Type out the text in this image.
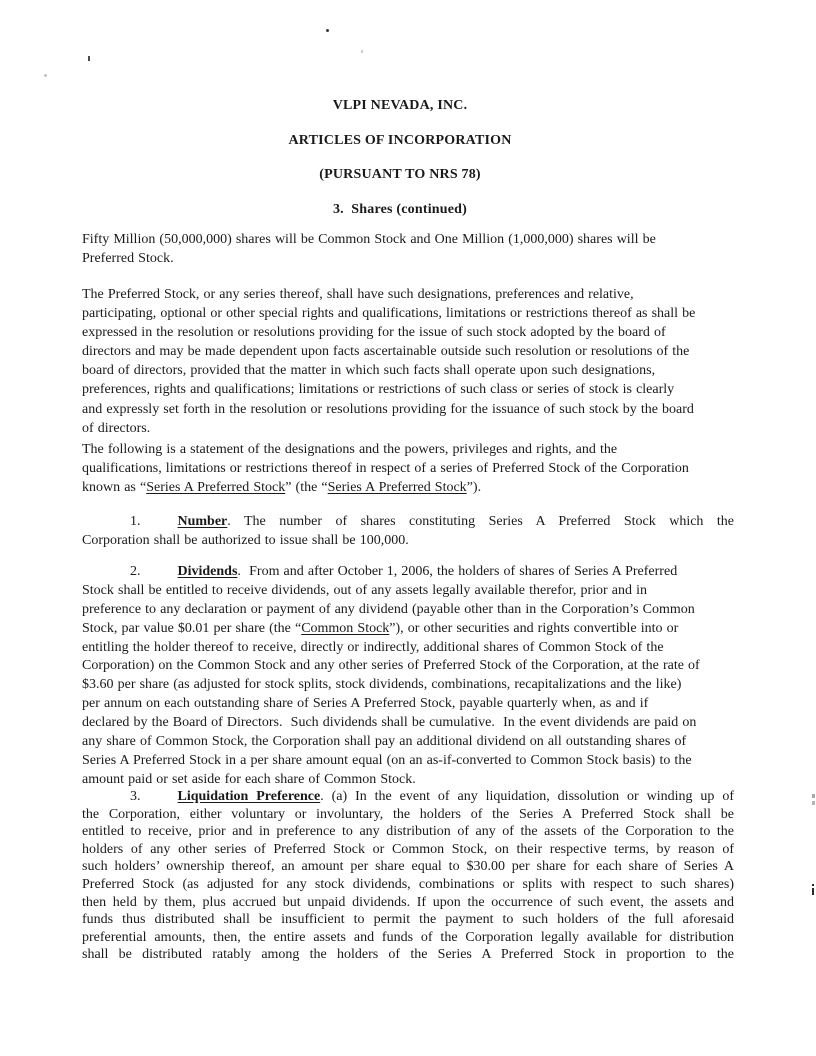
VLPI NEVADA, INC.
ARTICLES OF INCORPORATION
(PURSUANT TO NRS 78)
3.  Shares (continued)
Fifty Million (50,000,000) shares will be Common Stock and One Million (1,000,000) shares will be
Preferred Stock.
The Preferred Stock, or any series thereof, shall have such designations, preferences and relative,
participating, optional or other special rights and qualifications, limitations or restrictions thereof as shall be
expressed in the resolution or resolutions providing for the issue of such stock adopted by the board of
directors and may be made dependent upon facts ascertainable outside such resolution or resolutions of the
board of directors, provided that the matter in which such facts shall operate upon such designations,
preferences, rights and qualifications; limitations or restrictions of such class or series of stock is clearly
and expressly set forth in the resolution or resolutions providing for the issuance of such stock by the board
of directors.
The following is a statement of the designations and the powers, privileges and rights, and the
qualifications, limitations or restrictions thereof in respect of a series of Preferred Stock of the Corporation
known as “Series A Preferred Stock” (the “Series A Preferred Stock”).
1.	Number. The number of shares constituting Series A Preferred Stock which the
Corporation shall be authorized to issue shall be 100,000.
2.	Dividends.  From and after October 1, 2006, the holders of shares of Series A Preferred
Stock shall be entitled to receive dividends, out of any assets legally available therefor, prior and in
preference to any declaration or payment of any dividend (payable other than in the Corporation’s Common
Stock, par value $0.01 per share (the “Common Stock”), or other securities and rights convertible into or
entitling the holder thereof to receive, directly or indirectly, additional shares of Common Stock of the
Corporation) on the Common Stock and any other series of Preferred Stock of the Corporation, at the rate of
$3.60 per share (as adjusted for stock splits, stock dividends, combinations, recapitalizations and the like)
per annum on each outstanding share of Series A Preferred Stock, payable quarterly when, as and if
declared by the Board of Directors.  Such dividends shall be cumulative.  In the event dividends are paid on
any share of Common Stock, the Corporation shall pay an additional dividend on all outstanding shares of
Series A Preferred Stock in a per share amount equal (on an as-if-converted to Common Stock basis) to the
amount paid or set aside for each share of Common Stock.
3.	Liquidation Preference. (a) In the event of any liquidation, dissolution or winding up of
the Corporation, either voluntary or involuntary, the holders of the Series A Preferred Stock shall be
entitled to receive, prior and in preference to any distribution of any of the assets of the Corporation to the
holders of any other series of Preferred Stock or Common Stock, on their respective terms, by reason of
such holders’ ownership thereof, an amount per share equal to $30.00 per share for each share of Series A
Preferred Stock (as adjusted for any stock dividends, combinations or splits with respect to such shares)
then held by them, plus accrued but unpaid dividends. If upon the occurrence of such event, the assets and
funds thus distributed shall be insufficient to permit the payment to such holders of the full aforesaid
preferential amounts, then, the entire assets and funds of the Corporation legally available for distribution
shall be distributed ratably among the holders of the Series A Preferred Stock in proportion to the
